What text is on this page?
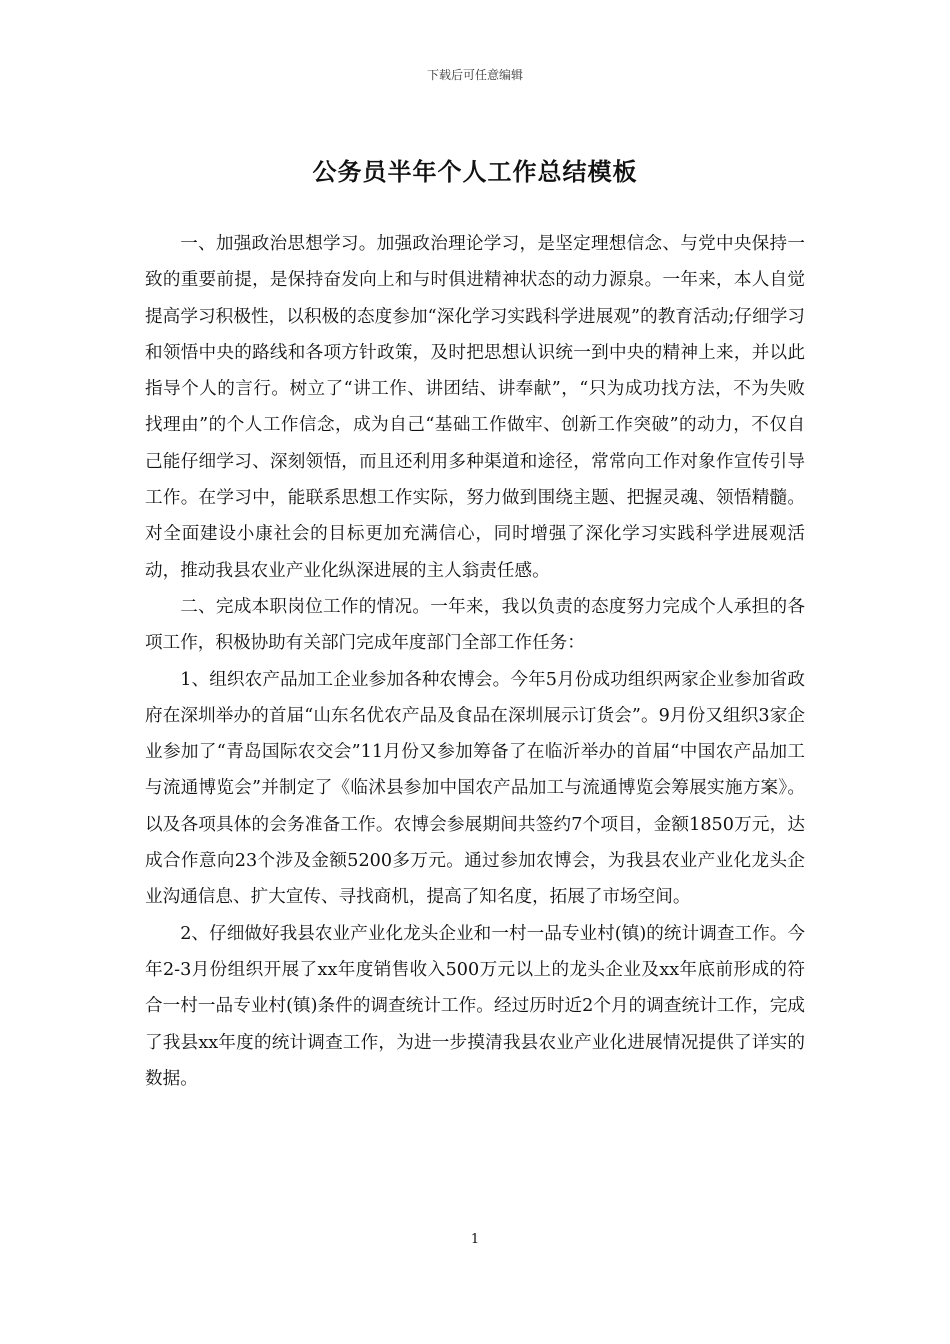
下载后可任意编辑
公务员半年个人工作总结模板

一、加强政治思想学习。加强政治理论学习，是坚定理想信念、与党中央保持一致的重要前提，是保持奋发向上和与时俱进精神状态的动力源泉。一年来，本人自觉提高学习积极性，以积极的态度参加“深化学习实践科学进展观”的教育活动;仔细学习和领悟中央的路线和各项方针政策，及时把思想认识统一到中央的精神上来，并以此指导个人的言行。树立了“讲工作、讲团结、讲奉献”，“只为成功找方法，不为失败找理由”的个人工作信念，成为自己“基础工作做牢、创新工作突破”的动力，不仅自己能仔细学习、深刻领悟，而且还利用多种渠道和途径，常常向工作对象作宣传引导工作。在学习中，能联系思想工作实际，努力做到围绕主题、把握灵魂、领悟精髓。对全面建设小康社会的目标更加充满信心，同时增强了深化学习实践科学进展观活动，推动我县农业产业化纵深进展的主人翁责任感。

二、完成本职岗位工作的情况。一年来，我以负责的态度努力完成个人承担的各项工作，积极协助有关部门完成年度部门全部工作任务：

1、组织农产品加工企业参加各种农博会。今年5月份成功组织两家企业参加省政府在深圳举办的首届“山东名优农产品及食品在深圳展示订货会”。9月份又组织3家企业参加了“青岛国际农交会”11月份又参加筹备了在临沂举办的首届“中国农产品加工与流通博览会”并制定了《临沭县参加中国农产品加工与流通博览会筹展实施方案》。以及各项具体的会务准备工作。农博会参展期间共签约7个项目，金额1850万元，达成合作意向23个涉及金额5200多万元。通过参加农博会，为我县农业产业化龙头企业沟通信息、扩大宣传、寻找商机，提高了知名度，拓展了市场空间。

2、仔细做好我县农业产业化龙头企业和一村一品专业村(镇)的统计调查工作。今年2-3月份组织开展了xx年度销售收入500万元以上的龙头企业及xx年底前形成的符合一村一品专业村(镇)条件的调查统计工作。经过历时近2个月的调查统计工作，完成了我县xx年度的统计调查工作，为进一步摸清我县农业产业化进展情况提供了详实的数据。

1
